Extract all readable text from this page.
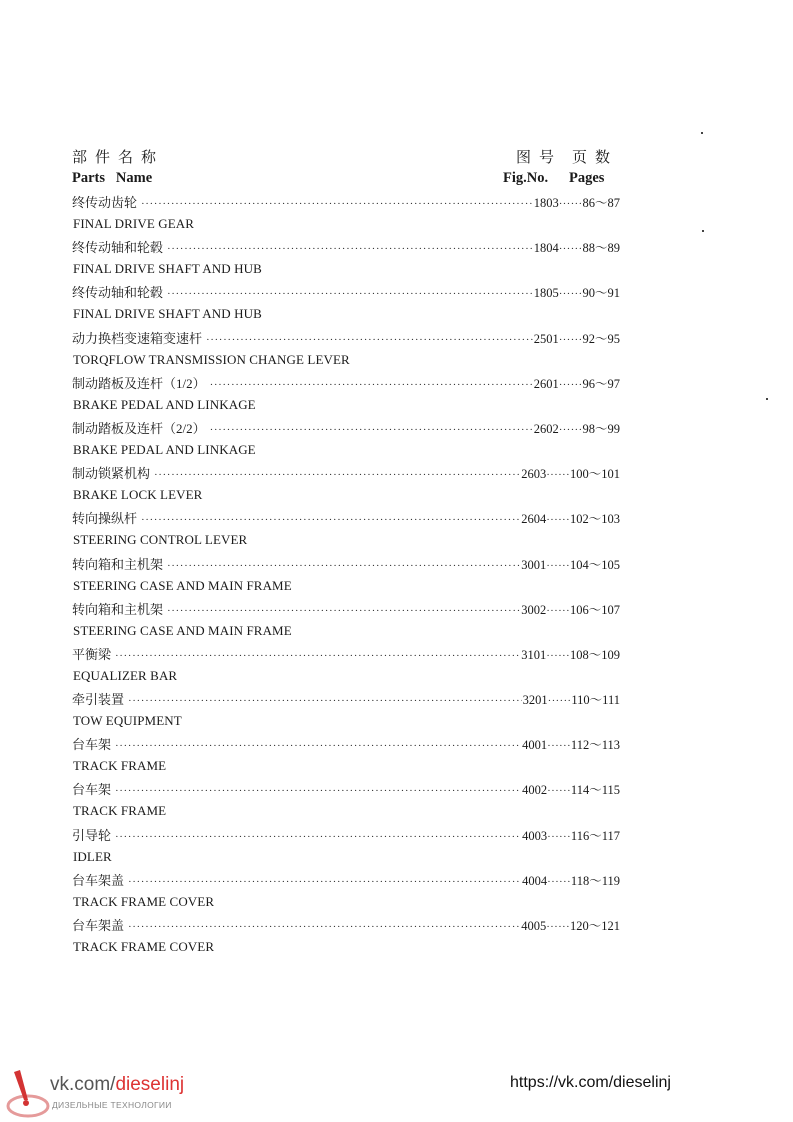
部件名称	图号 页数
Parts   Name	Fig.No. Pages
终传动齿轮 ·····	1803 ······ 86～87
FINAL DRIVE GEAR
终传动轴和轮毂 ·····	1804 ······ 88～89
FINAL DRIVE SHAFT AND HUB
终传动轴和轮毂 ·····	1805 ······ 90～91
FINAL DRIVE SHAFT AND HUB
动力换档变速箱变速杆 ·····	2501 ······ 92～95
TORQFLOW TRANSMISSION CHANGE LEVER
制动踏板及连杆（1/2） ·····	2601 ······ 96～97
BRAKE PEDAL AND LINKAGE
制动踏板及连杆（2/2） ·····	2602 ······ 98～99
BRAKE PEDAL AND LINKAGE
制动锁紧机构 ·····	2603 ······ 100～101
BRAKE LOCK LEVER
转向操纵杆 ·····	2604 ······ 102～103
STEERING CONTROL LEVER
转向箱和主机架 ·····	3001 ······ 104～105
STEERING CASE AND MAIN FRAME
转向箱和主机架 ·····	3002 ······ 106～107
STEERING CASE AND MAIN FRAME
平衡梁 ·····	3101 ······ 108～109
EQUALIZER BAR
牵引装置 ·····	3201 ······ 110～111
TOW EQUIPMENT
台车架 ·····	4001 ······ 112～113
TRACK FRAME
台车架 ·····	4002 ······ 114～115
TRACK FRAME
引导轮 ·····	4003 ······ 116～117
IDLER
台车架盖 ·····	4004 ······ 118～119
TRACK FRAME COVER
台车架盖 ·····	4005 ······ 120～121
TRACK FRAME COVER
vk.com/dieselinj
ДИЗЕЛЬНЫЕ ТЕХНОЛОГИИ
https://vk.com/dieselinj
